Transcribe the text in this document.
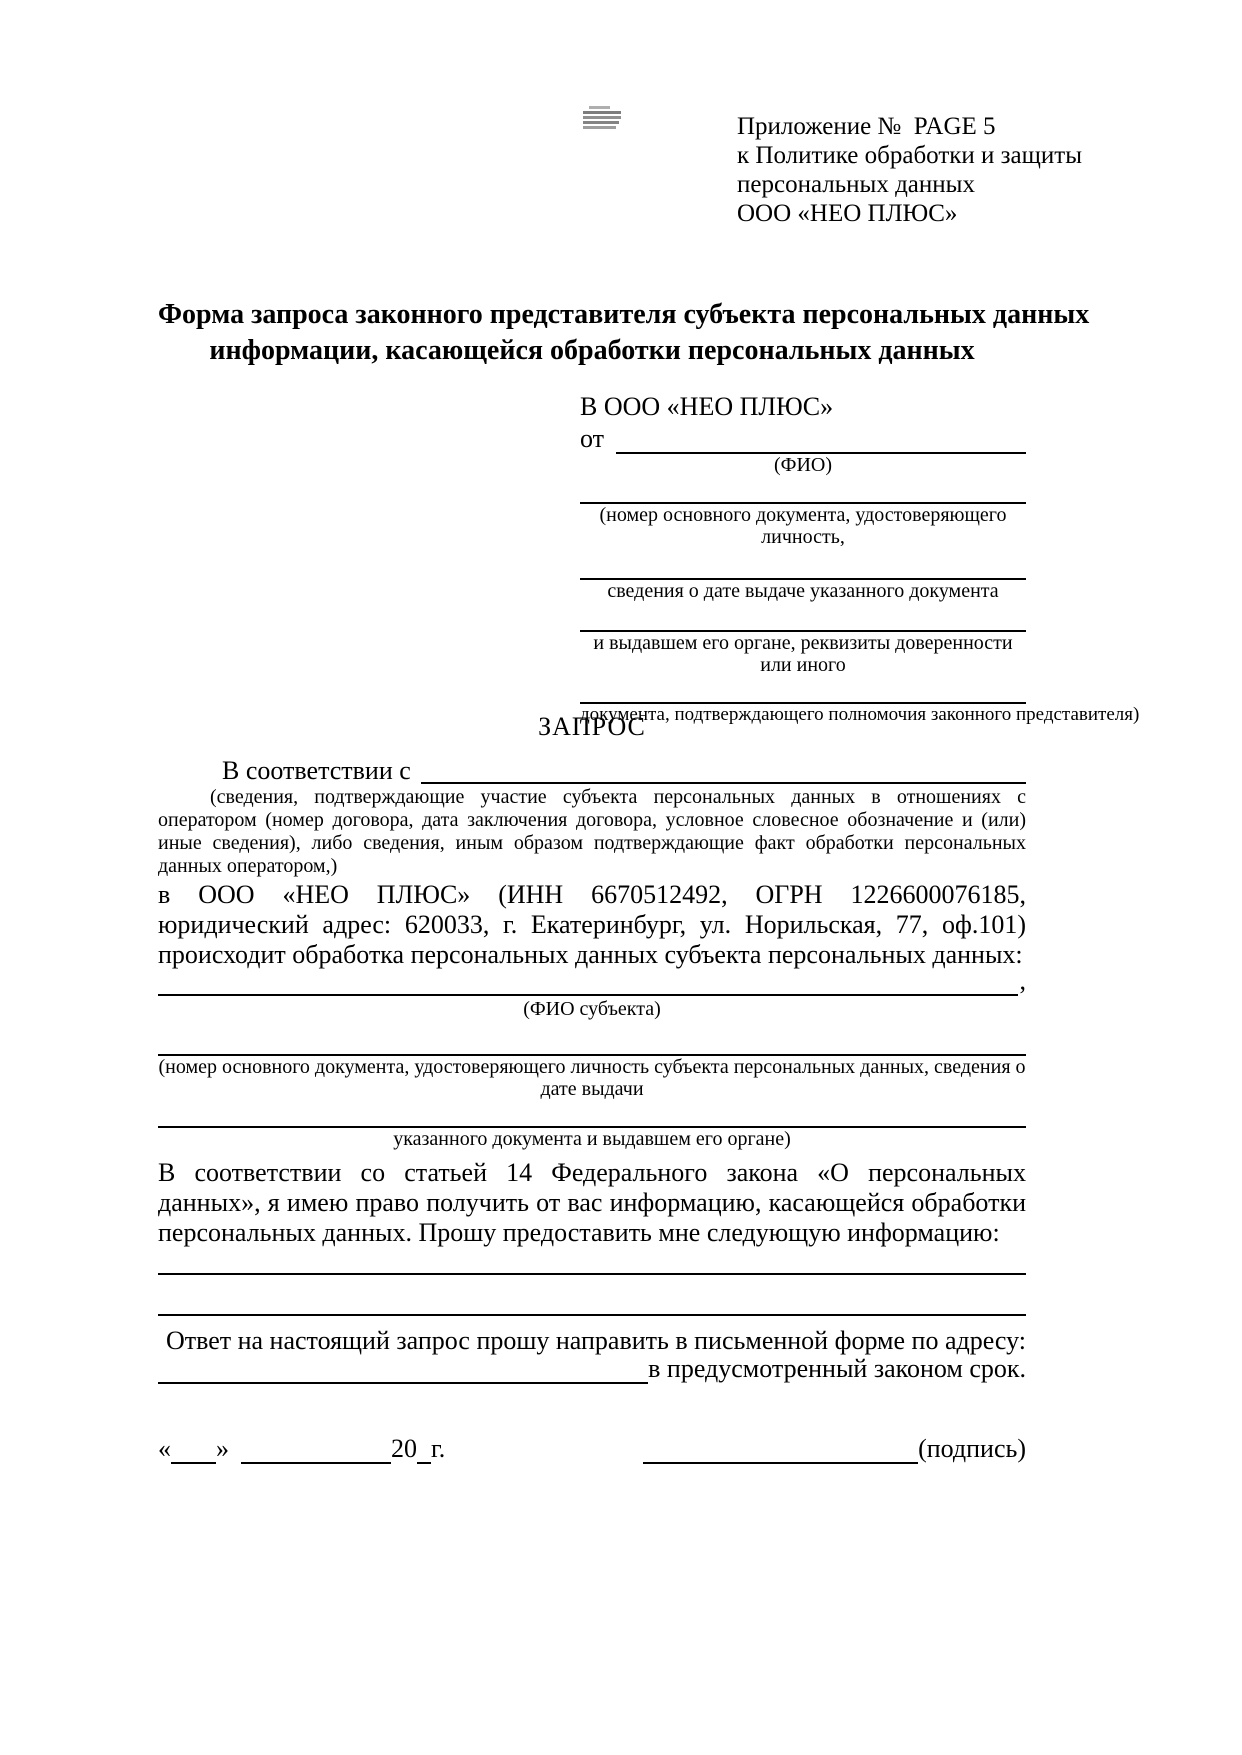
Приложение №  PAGE 5
к Политике обработки и защиты
персональных данных
ООО «НЕО ПЛЮС»
Форма запроса законного представителя субъекта персональных данных
информации, касающейся обработки персональных данных
В ООО «НЕО ПЛЮС»
от
(ФИО)
(номер основного документа, удостоверяющего личность,
сведения о дате выдаче указанного документа
и выдавшем его органе, реквизиты доверенности или иного
документа, подтверждающего полномочия законного представителя)
ЗАПРОС
В соответствии с
(сведения, подтверждающие участие субъекта персональных данных в отношениях с оператором (номер договора, дата заключения договора, условное словесное обозначение и (или) иные сведения), либо сведения, иным образом подтверждающие факт обработки персональных данных оператором,)
в ООО «НЕО ПЛЮС» (ИНН 6670512492, ОГРН 1226600076185, юридический адрес: 620033, г. Екатеринбург, ул. Норильская, 77, оф.101) происходит обработка персональных данных субъекта персональных данных:
,
(ФИО субъекта)
(номер основного документа, удостоверяющего личность субъекта персональных данных, сведения о дате выдачи
указанного документа и выдавшем его органе)
В соответствии со статьей 14 Федерального закона «О персональных данных», я имею право получить от вас информацию, касающейся обработки персональных данных. Прошу предоставить мне следующую информацию:
Ответ на настоящий запрос прошу направить в письменной форме по адресу:
в предусмотренный законом срок.
« »	20 г.	(подпись)
